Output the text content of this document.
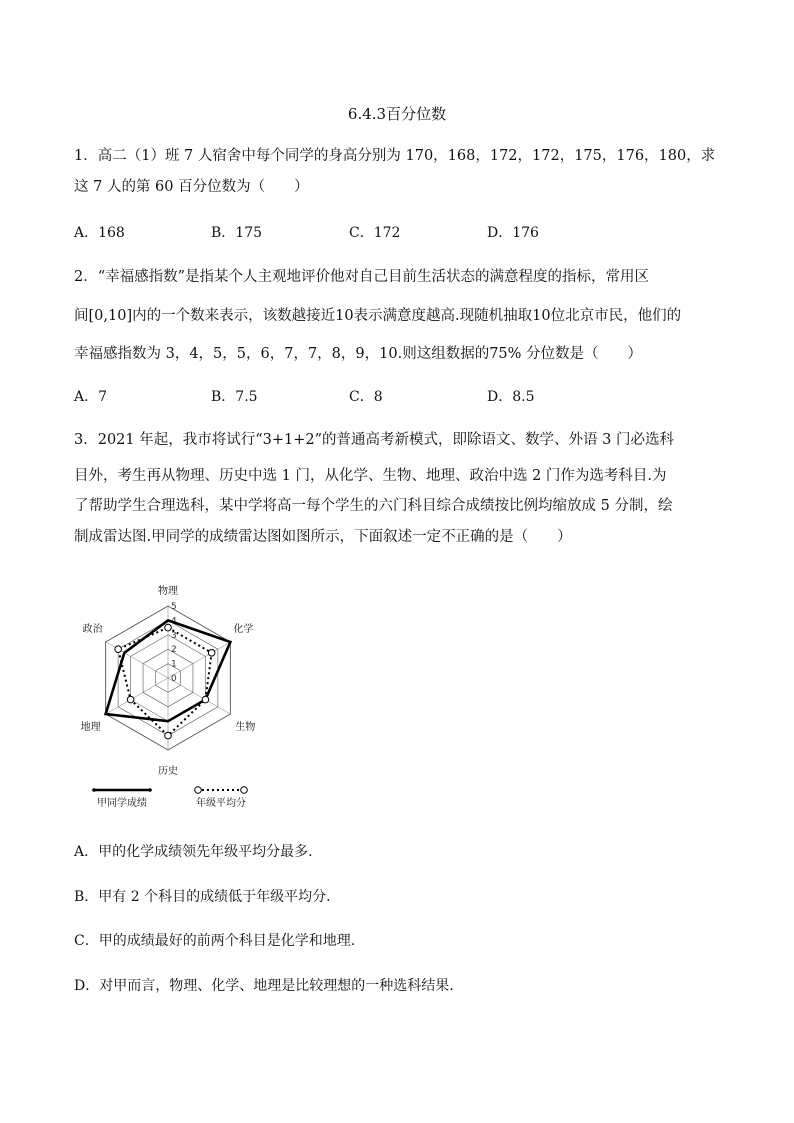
6.4.3百分位数
1．高二（1）班 7 人宿舍中每个同学的身高分别为 170，168，172，172，175，176，180，求
这 7 人的第 60 百分位数为（　　）
A．168	B．175	C．172	D．176
2．“幸福感指数”是指某个人主观地评价他对自己目前生活状态的满意程度的指标，常用区
间[0,10]内的一个数来表示，该数越接近10表示满意度越高.现随机抽取10位北京市民，他们的
幸福感指数为 3，4，5，5，6，7，7，8，9，10.则这组数据的75% 分位数是（　　）
A．7	B．7.5	C．8	D．8.5
3．2021 年起，我市将试行“3+1+2”的普通高考新模式，即除语文、数学、外语 3 门必选科
目外，考生再从物理、历史中选 1 门，从化学、生物、地理、政治中选 2 门作为选考科目.为
了帮助学生合理选科，某中学将高一每个学生的六门科目综合成绩按比例均缩放成 5 分制，绘
制成雷达图.甲同学的成绩雷达图如图所示，下面叙述一定不正确的是（　　）
0
1
2
3
4
5
物理
化学
生物
历史
地理
政治
甲同学成绩	年级平均分
A．甲的化学成绩领先年级平均分最多.
B．甲有 2 个科目的成绩低于年级平均分.
C．甲的成绩最好的前两个科目是化学和地理.
D．对甲而言，物理、化学、地理是比较理想的一种选科结果.
